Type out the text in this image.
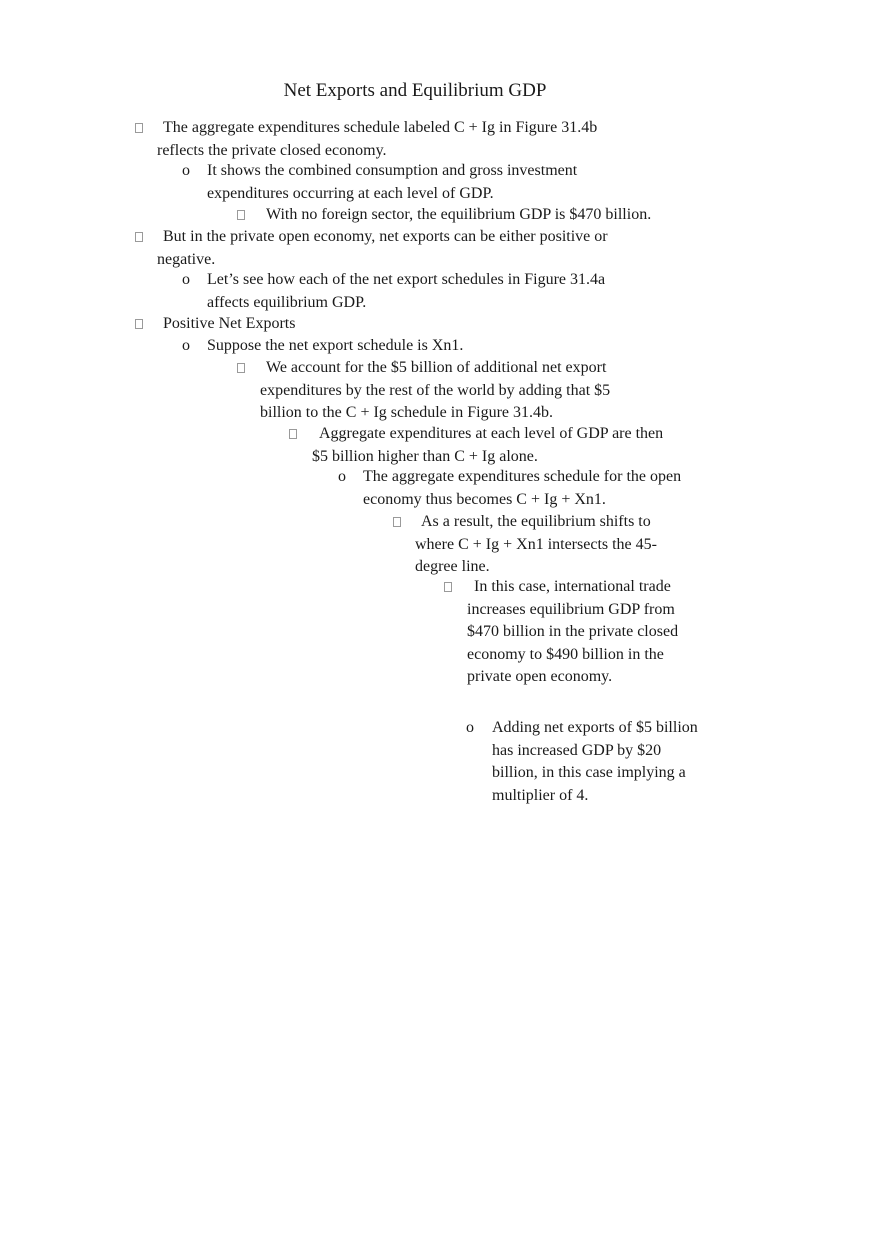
Net Exports and Equilibrium GDP
The aggregate expenditures schedule labeled C + Ig in Figure 31.4b reflects the private closed economy.
o	It shows the combined consumption and gross investment expenditures occurring at each level of GDP.
With no foreign sector, the equilibrium GDP is $470 billion.
But in the private open economy, net exports can be either positive or negative.
o	Let’s see how each of the net export schedules in Figure 31.4a affects equilibrium GDP.
Positive Net Exports
o	Suppose the net export schedule is Xn1.
We account for the $5 billion of additional net export expenditures by the rest of the world by adding that $5 billion to the C + Ig schedule in Figure 31.4b.
Aggregate expenditures at each level of GDP are then $5 billion higher than C + Ig alone.
o	The aggregate expenditures schedule for the open economy thus becomes C + Ig + Xn1.
As a result, the equilibrium shifts to where C + Ig + Xn1 intersects the 45-degree line.
In this case, international trade increases equilibrium GDP from $470 billion in the private closed economy to $490 billion in the private open economy.
o	Adding net exports of $5 billion has increased GDP by $20 billion, in this case implying a multiplier of 4.
